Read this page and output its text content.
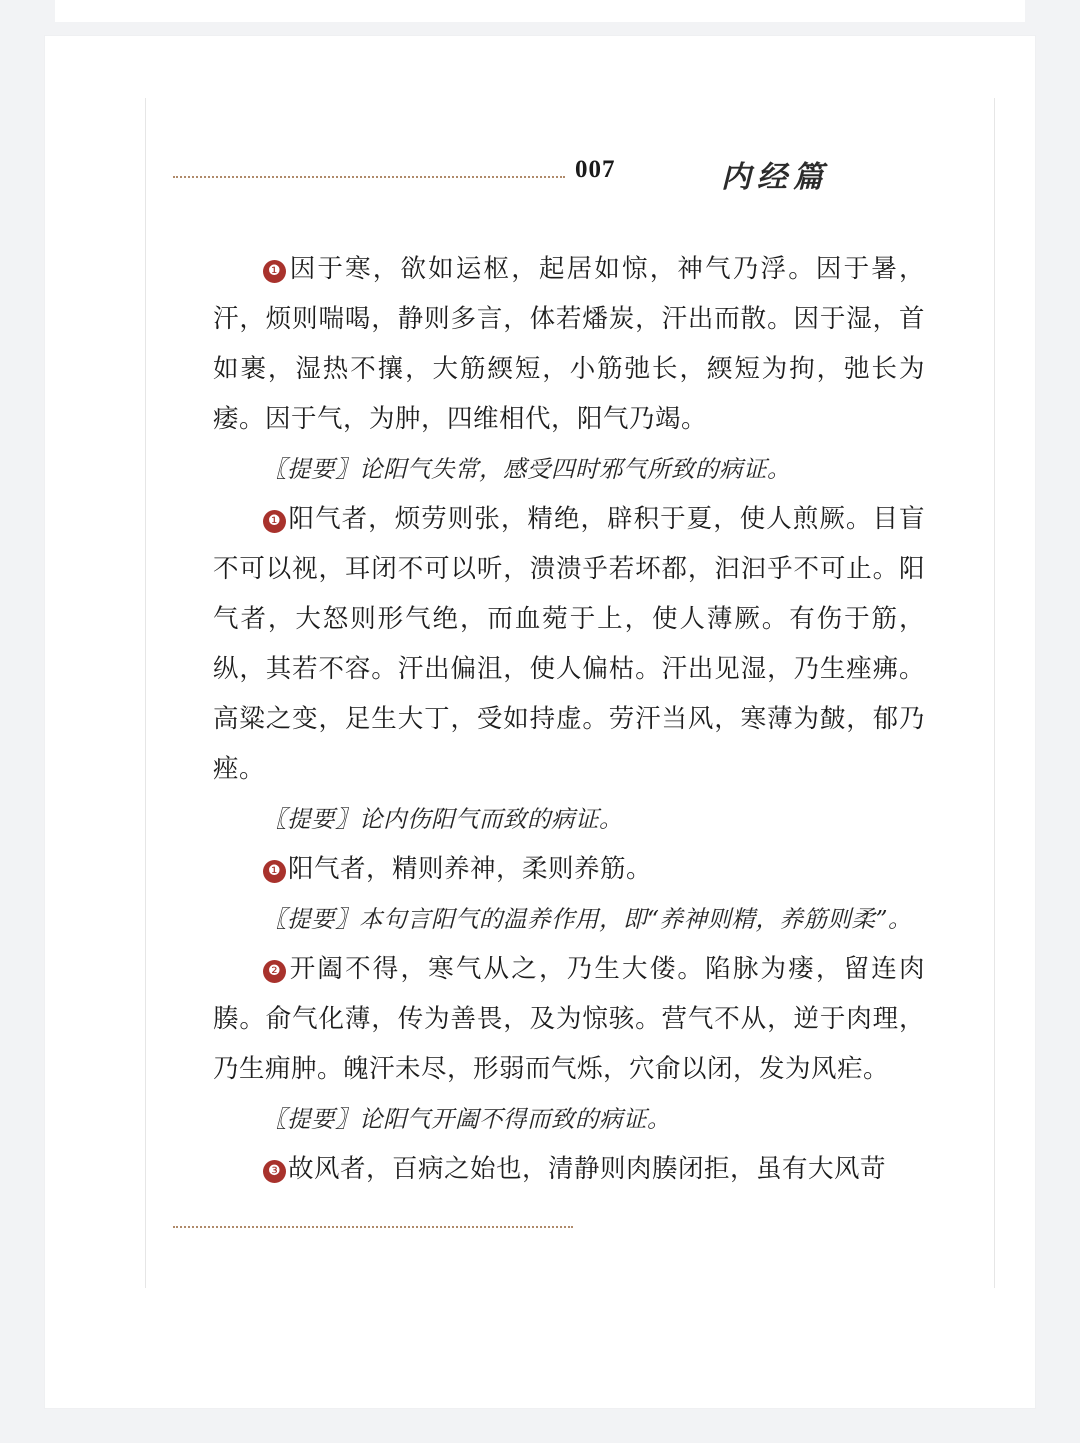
007	内经篇

❶ 因于寒，欲如运枢，起居如惊，神气乃浮。因于暑，汗，烦则喘喝，静则多言，体若燔炭，汗出而散。因于湿，首如裹，湿热不攘，大筋緛短，小筋弛长，緛短为拘，弛长为痿。因于气，为肿，四维相代，阳气乃竭。

〖提要〗论阳气失常，感受四时邪气所致的病证。

❶ 阳气者，烦劳则张，精绝，辟积于夏，使人煎厥。目盲不可以视，耳闭不可以听，溃溃乎若坏都，汩汩乎不可止。阳气者，大怒则形气绝，而血菀于上，使人薄厥。有伤于筋，纵，其若不容。汗出偏沮，使人偏枯。汗出见湿，乃生痤疿。高粱之变，足生大丁，受如持虚。劳汗当风，寒薄为皶，郁乃痤。

〖提要〗论内伤阳气而致的病证。

❶ 阳气者，精则养神，柔则养筋。

〖提要〗本句言阳气的温养作用，即“养神则精，养筋则柔”。

❷ 开阖不得，寒气从之，乃生大偻。陷脉为瘘，留连肉腠。俞气化薄，传为善畏，及为惊骇。营气不从，逆于肉理，乃生痈肿。魄汗未尽，形弱而气烁，穴俞以闭，发为风疟。

〖提要〗论阳气开阖不得而致的病证。

❸ 故风者，百病之始也，清静则肉腠闭拒，虽有大风苛
